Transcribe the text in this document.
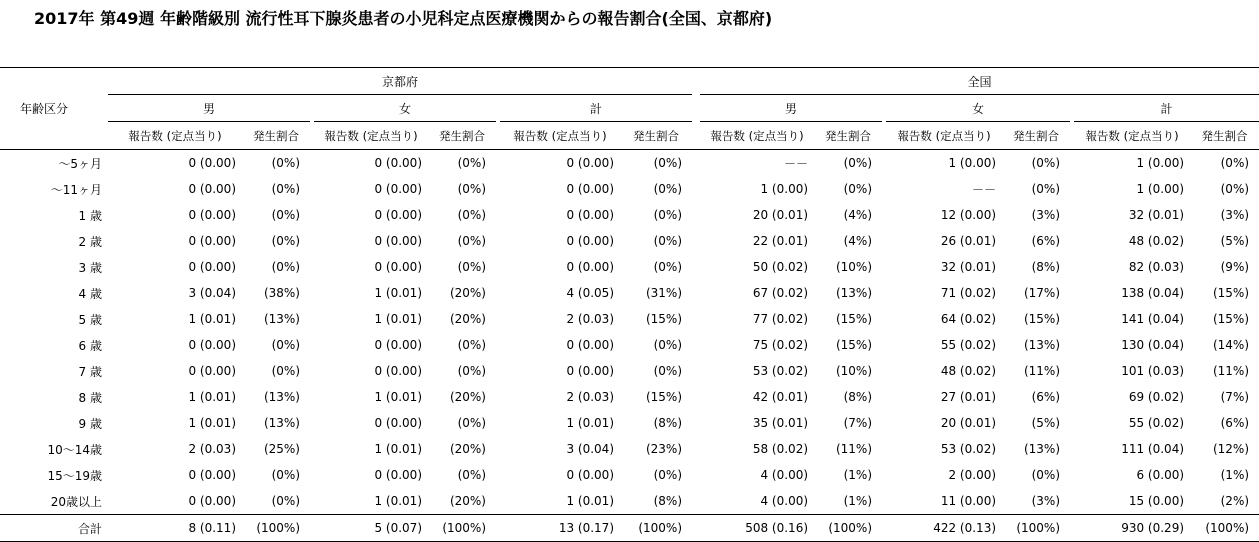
2017年 第49週 年齢階級別 流行性耳下腺炎患者の小児科定点医療機関からの報告割合(全国、京都府)
年齢区分	京都府									全国							
	男			女			計			男			女			計	
	報告数 (定点当り)	発生割合		報告数 (定点当り)	発生割合		報告数 (定点当り)	発生割合		報告数 (定点当り)	発生割合		報告数 (定点当り)	発生割合		報告数 (定点当り)	発生割合
～5ヶ月	0 (0.00)	(0%)		0 (0.00)	(0%)		0 (0.00)	(0%)		－－	(0%)		1 (0.00)	(0%)		1 (0.00)	(0%)
～11ヶ月	0 (0.00)	(0%)		0 (0.00)	(0%)		0 (0.00)	(0%)		1 (0.00)	(0%)		－－	(0%)		1 (0.00)	(0%)
1 歳	0 (0.00)	(0%)		0 (0.00)	(0%)		0 (0.00)	(0%)		20 (0.01)	(4%)		12 (0.00)	(3%)		32 (0.01)	(3%)
2 歳	0 (0.00)	(0%)		0 (0.00)	(0%)		0 (0.00)	(0%)		22 (0.01)	(4%)		26 (0.01)	(6%)		48 (0.02)	(5%)
3 歳	0 (0.00)	(0%)		0 (0.00)	(0%)		0 (0.00)	(0%)		50 (0.02)	(10%)		32 (0.01)	(8%)		82 (0.03)	(9%)
4 歳	3 (0.04)	(38%)		1 (0.01)	(20%)		4 (0.05)	(31%)		67 (0.02)	(13%)		71 (0.02)	(17%)		138 (0.04)	(15%)
5 歳	1 (0.01)	(13%)		1 (0.01)	(20%)		2 (0.03)	(15%)		77 (0.02)	(15%)		64 (0.02)	(15%)		141 (0.04)	(15%)
6 歳	0 (0.00)	(0%)		0 (0.00)	(0%)		0 (0.00)	(0%)		75 (0.02)	(15%)		55 (0.02)	(13%)		130 (0.04)	(14%)
7 歳	0 (0.00)	(0%)		0 (0.00)	(0%)		0 (0.00)	(0%)		53 (0.02)	(10%)		48 (0.02)	(11%)		101 (0.03)	(11%)
8 歳	1 (0.01)	(13%)		1 (0.01)	(20%)		2 (0.03)	(15%)		42 (0.01)	(8%)		27 (0.01)	(6%)		69 (0.02)	(7%)
9 歳	1 (0.01)	(13%)		0 (0.00)	(0%)		1 (0.01)	(8%)		35 (0.01)	(7%)		20 (0.01)	(5%)		55 (0.02)	(6%)
10～14歳	2 (0.03)	(25%)		1 (0.01)	(20%)		3 (0.04)	(23%)		58 (0.02)	(11%)		53 (0.02)	(13%)		111 (0.04)	(12%)
15～19歳	0 (0.00)	(0%)		0 (0.00)	(0%)		0 (0.00)	(0%)		4 (0.00)	(1%)		2 (0.00)	(0%)		6 (0.00)	(1%)
20歳以上	0 (0.00)	(0%)		1 (0.01)	(20%)		1 (0.01)	(8%)		4 (0.00)	(1%)		11 (0.00)	(3%)		15 (0.00)	(2%)
合計	8 (0.11)	(100%)		5 (0.07)	(100%)		13 (0.17)	(100%)		508 (0.16)	(100%)		422 (0.13)	(100%)		930 (0.29)	(100%)
